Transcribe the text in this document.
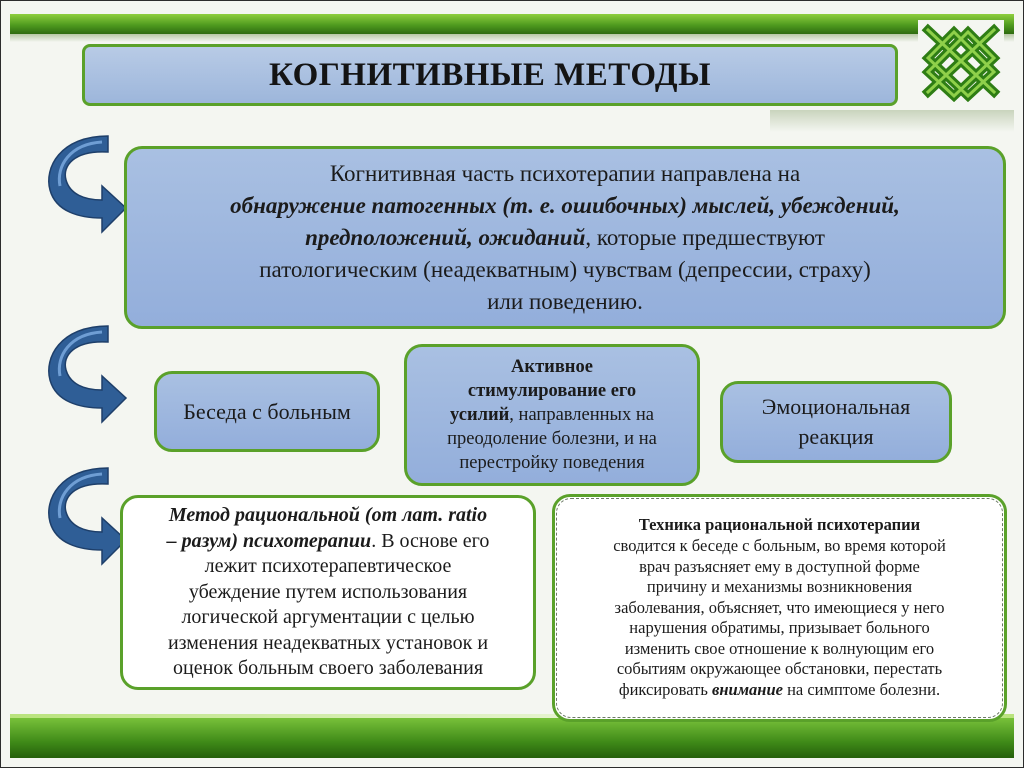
КОГНИТИВНЫЕ МЕТОДЫ
Когнитивная часть психотерапии направлена на
обнаружение патогенных (т. е. ошибочных) мыслей, убеждений,
предположений, ожиданий, которые предшествуют
патологическим (неадекватным) чувствам (депрессии, страху)
или поведению.
Беседа с больным
Активное
стимулирование его
усилий, направленных на
преодоление болезни, и на
перестройку поведения
Эмоциональная
реакция
Метод рациональной (от лат. ratio
– разум) психотерапии. В основе его
лежит психотерапевтическое
убеждение путем использования
логической аргументации с целью
изменения неадекватных установок и
оценок больным своего заболевания
Техника рациональной психотерапии
сводится к беседе с больным, во время которой
врач разъясняет ему в доступной форме
причину и механизмы возникновения
заболевания, объясняет, что имеющиеся у него
нарушения обратимы, призывает больного
изменить свое отношение к волнующим его
событиям окружающее обстановки, перестать
фиксировать внимание на симптоме болезни.
